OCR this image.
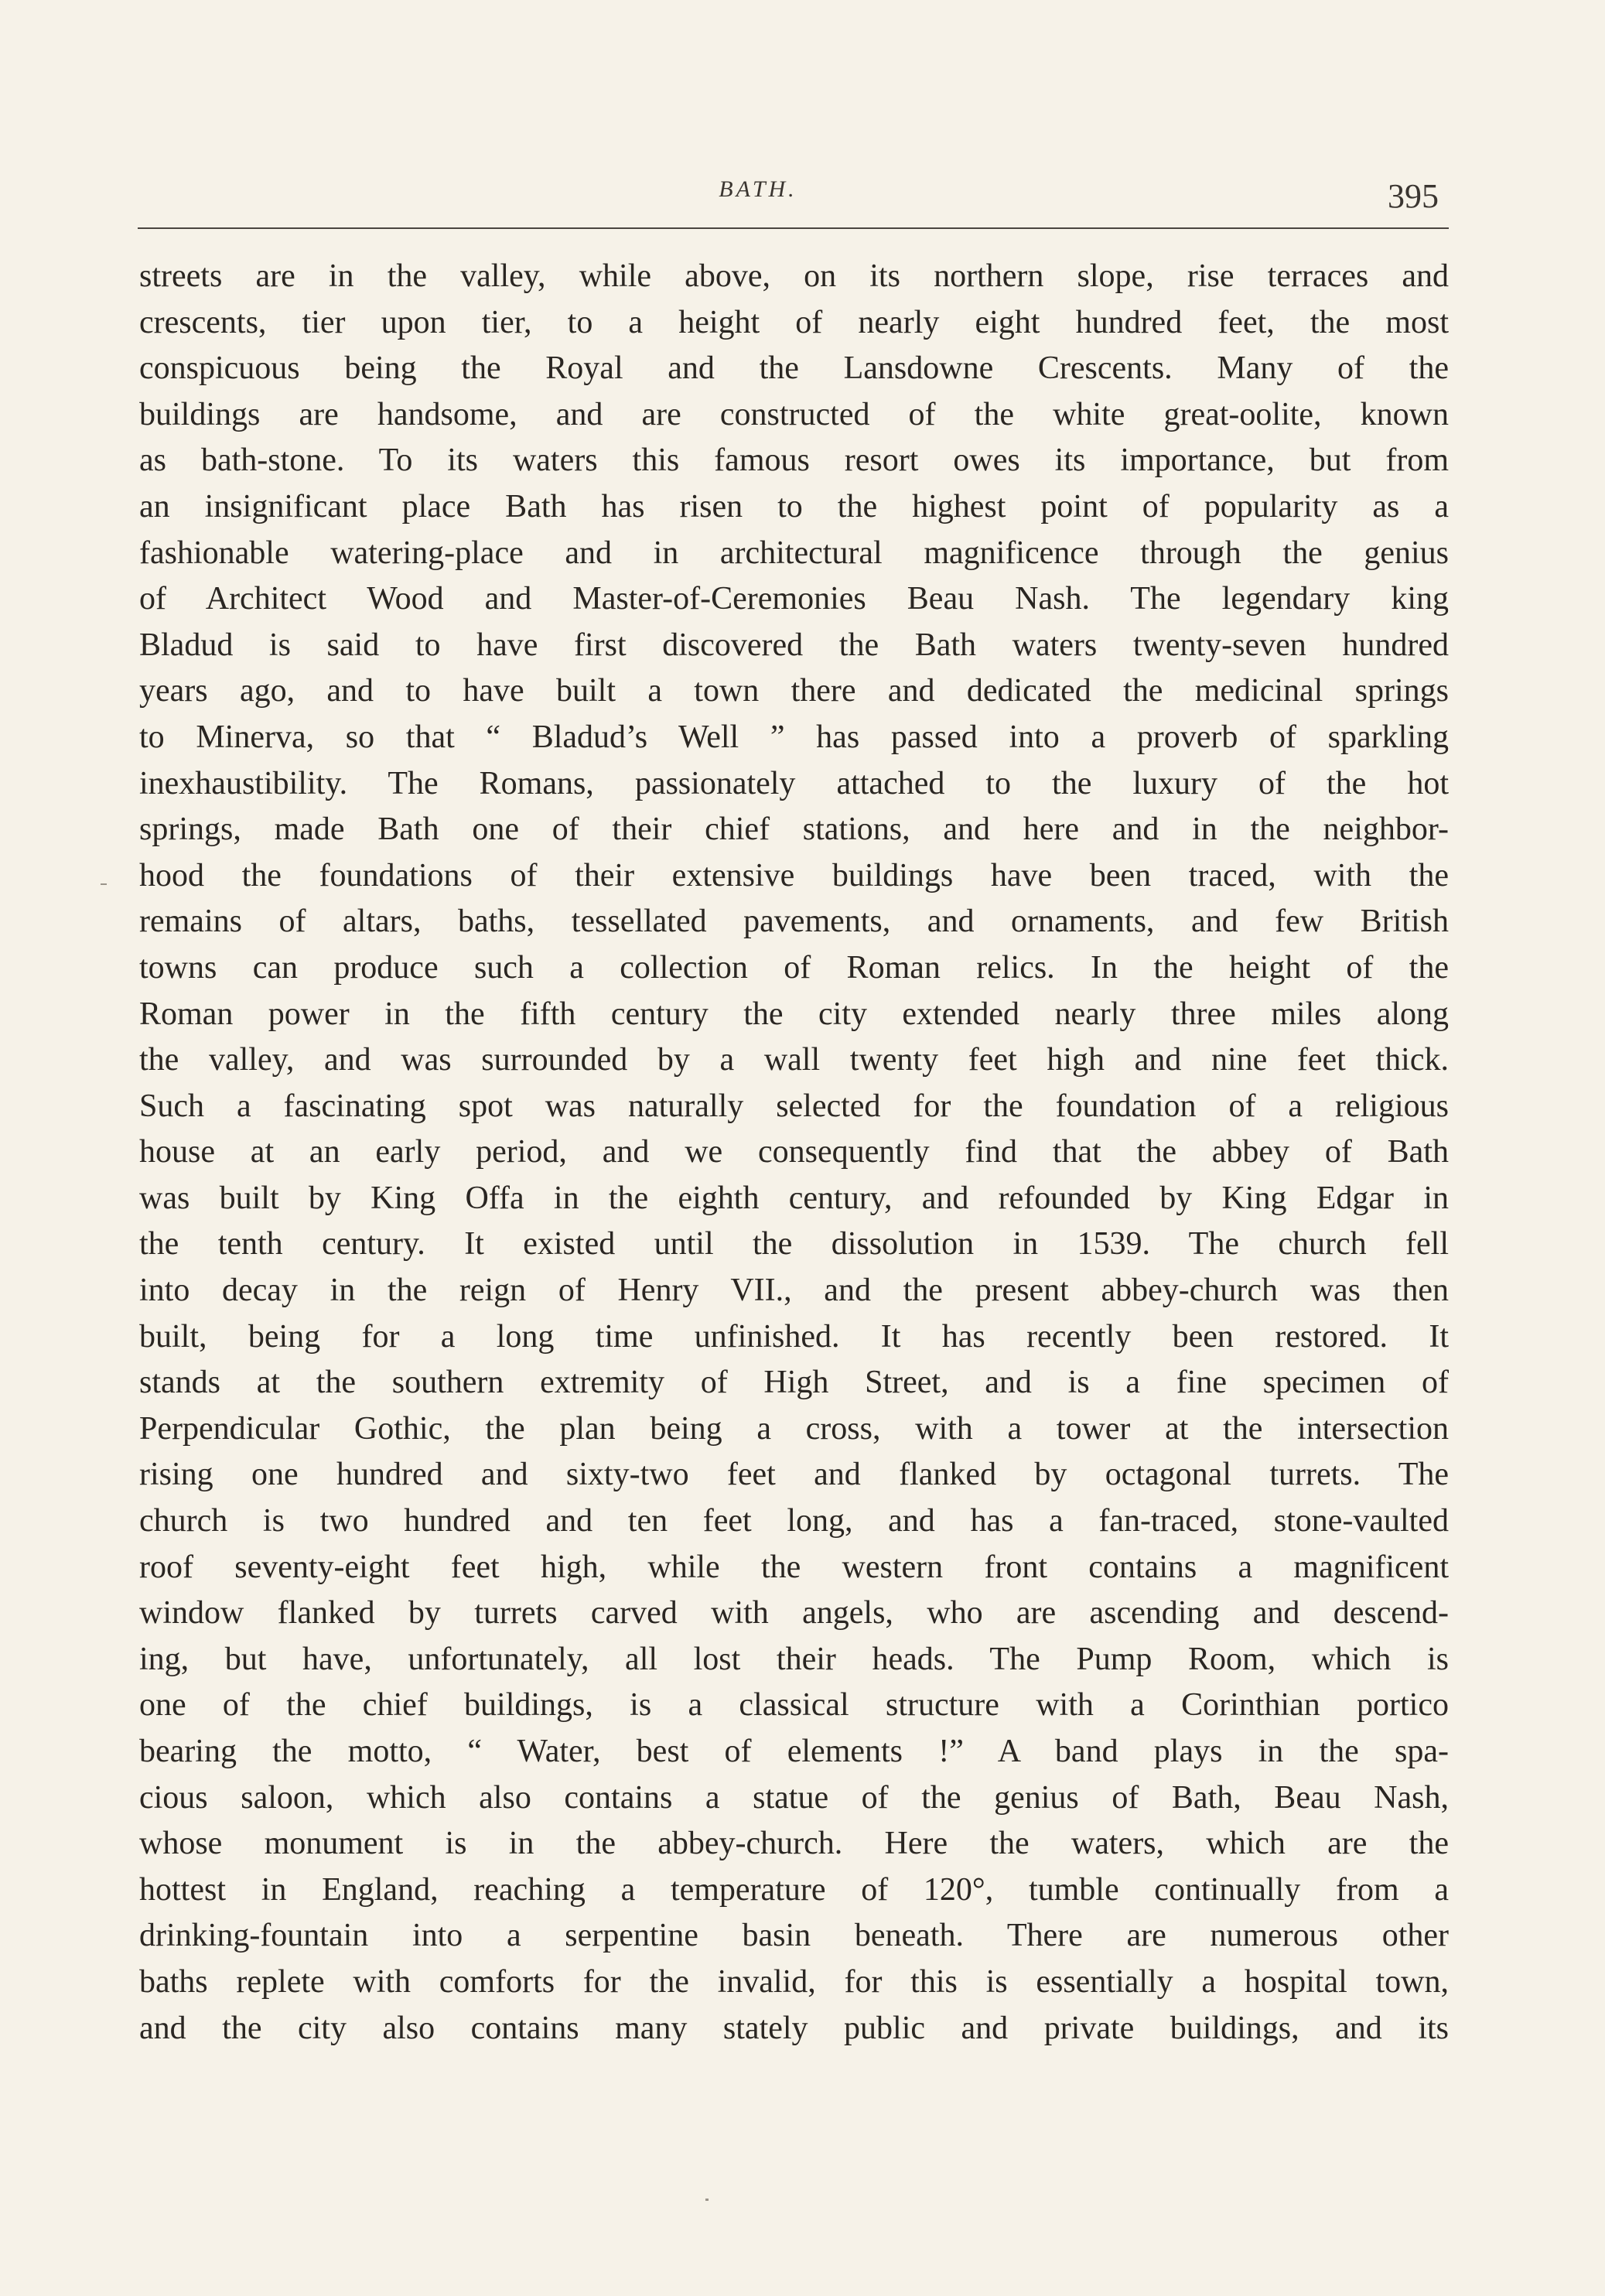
BATH.	395
streets are in the valley, while above, on its northern slope, rise terraces and
crescents, tier upon tier, to a height of nearly eight hundred feet, the most
conspicuous being the Royal and the Lansdowne Crescents. Many of the
buildings are handsome, and are constructed of the white great-oolite, known
as bath-stone. To its waters this famous resort owes its importance, but from
an insignificant place Bath has risen to the highest point of popularity as a
fashionable watering-place and in architectural magnificence through the genius
of Architect Wood and Master-of-Ceremonies Beau Nash. The legendary king
Bladud is said to have first discovered the Bath waters twenty-seven hundred
years ago, and to have built a town there and dedicated the medicinal springs
to Minerva, so that “ Bladud’s Well ” has passed into a proverb of sparkling
inexhaustibility. The Romans, passionately attached to the luxury of the hot
springs, made Bath one of their chief stations, and here and in the neighbor-
hood the foundations of their extensive buildings have been traced, with the
remains of altars, baths, tessellated pavements, and ornaments, and few British
towns can produce such a collection of Roman relics. In the height of the
Roman power in the fifth century the city extended nearly three miles along
the valley, and was surrounded by a wall twenty feet high and nine feet thick.
Such a fascinating spot was naturally selected for the foundation of a religious
house at an early period, and we consequently find that the abbey of Bath
was built by King Offa in the eighth century, and refounded by King Edgar in
the tenth century. It existed until the dissolution in 1539. The church fell
into decay in the reign of Henry VII., and the present abbey-church was then
built, being for a long time unfinished. It has recently been restored. It
stands at the southern extremity of High Street, and is a fine specimen of
Perpendicular Gothic, the plan being a cross, with a tower at the intersection
rising one hundred and sixty-two feet and flanked by octagonal turrets. The
church is two hundred and ten feet long, and has a fan-traced, stone-vaulted
roof seventy-eight feet high, while the western front contains a magnificent
window flanked by turrets carved with angels, who are ascending and descend-
ing, but have, unfortunately, all lost their heads. The Pump Room, which is
one of the chief buildings, is a classical structure with a Corinthian portico
bearing the motto, “ Water, best of elements !” A band plays in the spa-
cious saloon, which also contains a statue of the genius of Bath, Beau Nash,
whose monument is in the abbey-church. Here the waters, which are the
hottest in England, reaching a temperature of 120°, tumble continually from a
drinking-fountain into a serpentine basin beneath. There are numerous other
baths replete with comforts for the invalid, for this is essentially a hospital town,
and the city also contains many stately public and private buildings, and its
